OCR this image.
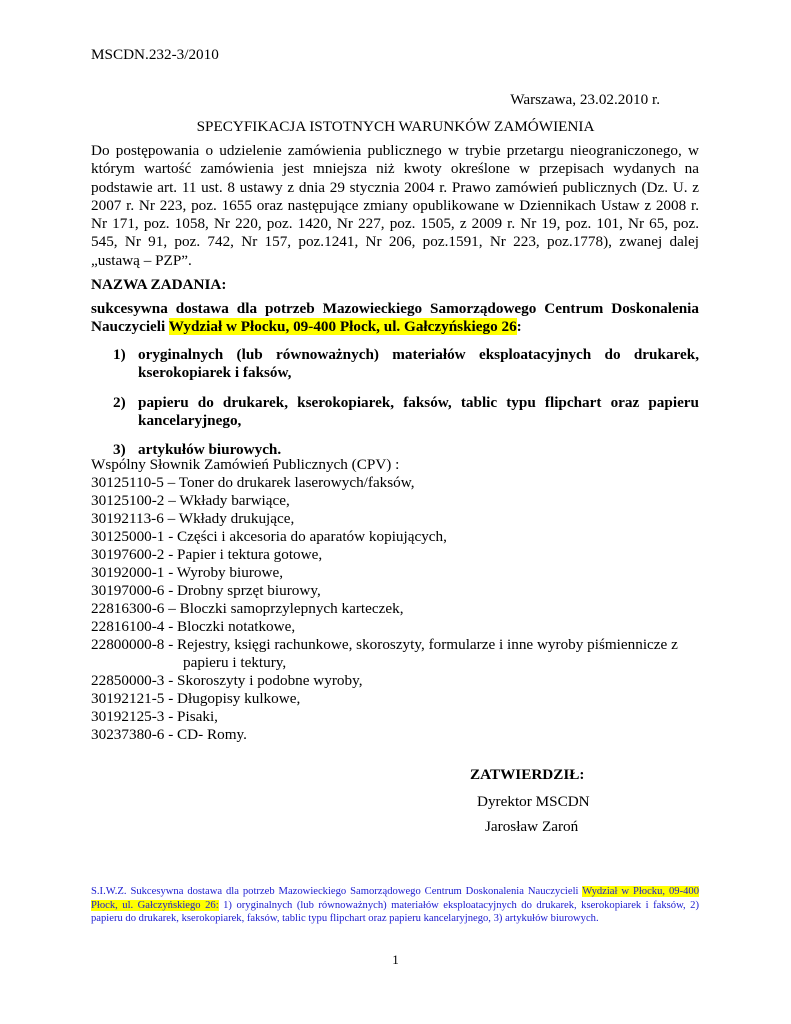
MSCDN.232-3/2010
Warszawa, 23.02.2010 r.
SPECYFIKACJA ISTOTNYCH WARUNKÓW ZAMÓWIENIA

Do postępowania o udzielenie zamówienia publicznego w trybie przetargu nieograniczonego, w którym wartość zamówienia jest mniejsza niż kwoty określone w przepisach wydanych na podstawie art. 11 ust. 8 ustawy z dnia 29 stycznia 2004 r. Prawo zamówień publicznych (Dz. U. z 2007 r. Nr 223, poz. 1655 oraz następujące zmiany opublikowane w Dziennikach Ustaw z 2008 r. Nr 171, poz. 1058, Nr 220, poz. 1420, Nr 227, poz. 1505, z 2009 r. Nr 19, poz. 101, Nr 65, poz. 545, Nr 91, poz. 742, Nr 157, poz.1241, Nr 206, poz.1591, Nr 223, poz.1778), zwanej dalej „ustawą – PZP”.

NAZWA ZADANIA:

sukcesywna dostawa dla potrzeb Mazowieckiego Samorządowego Centrum Doskonalenia Nauczycieli Wydział w Płocku, 09-400 Płock, ul. Gałczyńskiego 26:

1) oryginalnych (lub równoważnych) materiałów eksploatacyjnych do drukarek, kserokopiarek i faksów,
2) papieru do drukarek, kserokopiarek, faksów, tablic typu flipchart oraz papieru kancelaryjnego,
3) artykułów biurowych.
Wspólny Słownik Zamówień Publicznych (CPV) :
30125110-5 – Toner do drukarek laserowych/faksów,
30125100-2 – Wkłady barwiące,
30192113-6 – Wkłady drukujące,
30125000-1 - Części i akcesoria do aparatów kopiujących,
30197600-2 - Papier i tektura gotowe,
30192000-1 - Wyroby biurowe,
30197000-6 - Drobny sprzęt biurowy,
22816300-6 – Bloczki samoprzylepnych karteczek,
22816100-4 - Bloczki notatkowe,
22800000-8 - Rejestry, księgi rachunkowe, skoroszyty, formularze i inne wyroby piśmiennicze z
papieru i tektury,
22850000-3 - Skoroszyty i podobne wyroby,
30192121-5 - Długopisy kulkowe,
30192125-3 - Pisaki,
30237380-6 - CD- Romy.
ZATWIERDZIŁ:
Dyrektor MSCDN
Jarosław Zaroń

S.I.W.Z. Sukcesywna dostawa dla potrzeb Mazowieckiego Samorządowego Centrum Doskonalenia Nauczycieli Wydział w Płocku, 09-400 Płock, ul. Gałczyńskiego 26: 1) oryginalnych (lub równoważnych) materiałów eksploatacyjnych do drukarek, kserokopiarek i faksów, 2) papieru do drukarek, kserokopiarek, faksów, tablic typu flipchart oraz papieru kancelaryjnego, 3) artykułów biurowych.

1
